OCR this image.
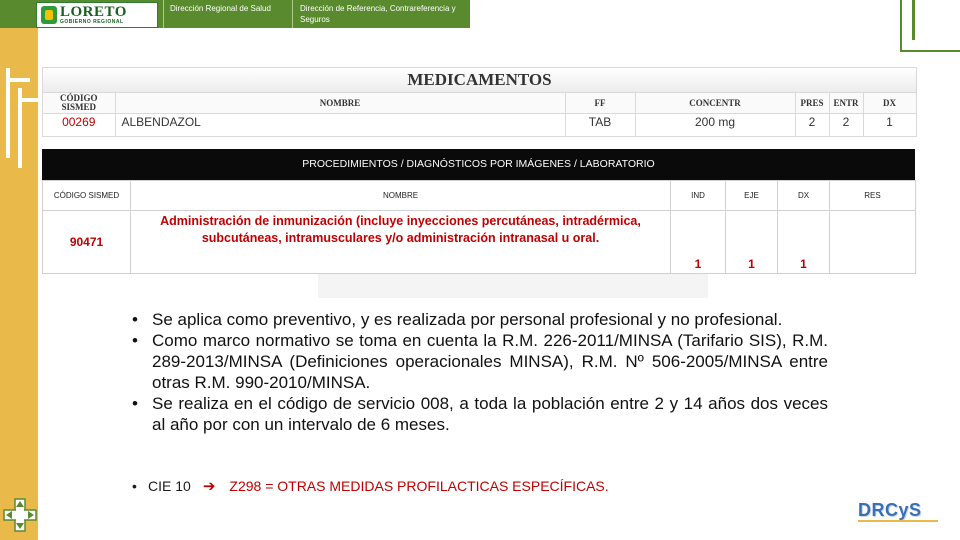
LORETO
GOBIERNO REGIONAL
Dirección Regional de Salud	Dirección de Referencia, Contrareferencia y Seguros
MEDICAMENTOS
CÓDIGO SISMED	NOMBRE	FF	CONCENTR	PRES	ENTR	DX
00269	ALBENDAZOL	TAB	200 mg	2	2	1
PROCEDIMIENTOS / DIAGNÓSTICOS POR IMÁGENES / LABORATORIO
CÓDIGO SISMED	NOMBRE	IND	EJE	DX	RES
90471	Administración de inmunización (incluye inyecciones percutáneas, intradérmica, subcutáneas, intramusculares y/o administración intranasal u oral.	1	1	1	
• Se aplica como preventivo, y es realizada por personal profesional y no profesional.
• Como marco normativo se toma en cuenta la R.M. 226-2011/MINSA (Tarifario SIS), R.M. 289-2013/MINSA (Definiciones operacionales MINSA), R.M. Nº 506-2005/MINSA entre otras R.M. 990-2010/MINSA.
• Se realiza en el código de servicio 008, a toda la población entre 2 y 14 años dos veces al año por con un intervalo de 6 meses.
• CIE 10 ➔ Z298 = OTRAS MEDIDAS PROFILACTICAS ESPECÍFICAS.
DRCyS
